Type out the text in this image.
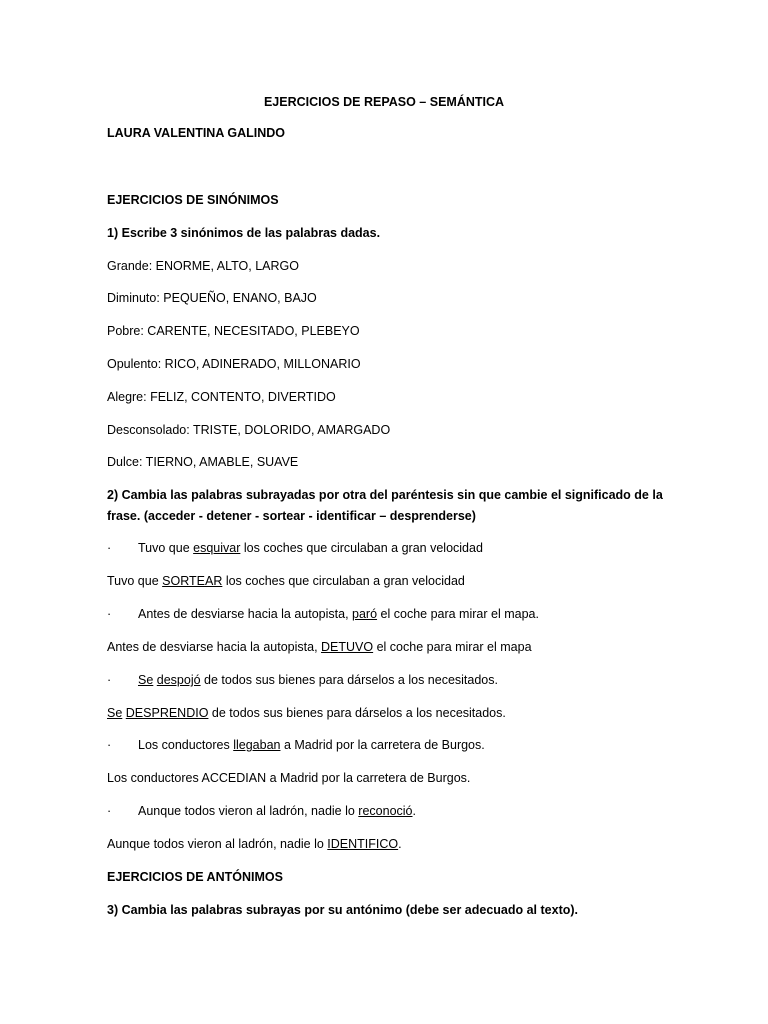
EJERCICIOS DE REPASO – SEMÁNTICA
LAURA VALENTINA GALINDO
EJERCICIOS DE SINÓNIMOS
1) Escribe 3 sinónimos de las palabras dadas.
Grande: ENORME, ALTO, LARGO
Diminuto: PEQUEÑO, ENANO, BAJO
Pobre: CARENTE, NECESITADO, PLEBEYO
Opulento: RICO, ADINERADO, MILLONARIO
Alegre: FELIZ, CONTENTO, DIVERTIDO
Desconsolado: TRISTE, DOLORIDO, AMARGADO
Dulce: TIERNO, AMABLE, SUAVE
2) Cambia las palabras subrayadas por otra del paréntesis sin que cambie el significado de la
frase. (acceder - detener - sortear - identificar – desprenderse)
· Tuvo que esquivar los coches que circulaban a gran velocidad
Tuvo que SORTEAR los coches que circulaban a gran velocidad
· Antes de desviarse hacia la autopista, paró el coche para mirar el mapa.
Antes de desviarse hacia la autopista, DETUVO el coche para mirar el mapa
· Se despojó de todos sus bienes para dárselos a los necesitados.
Se DESPRENDIO de todos sus bienes para dárselos a los necesitados.
· Los conductores llegaban a Madrid por la carretera de Burgos.
Los conductores ACCEDIAN a Madrid por la carretera de Burgos.
· Aunque todos vieron al ladrón, nadie lo reconoció.
Aunque todos vieron al ladrón, nadie lo IDENTIFICO.
EJERCICIOS DE ANTÓNIMOS
3) Cambia las palabras subrayas por su antónimo (debe ser adecuado al texto).
